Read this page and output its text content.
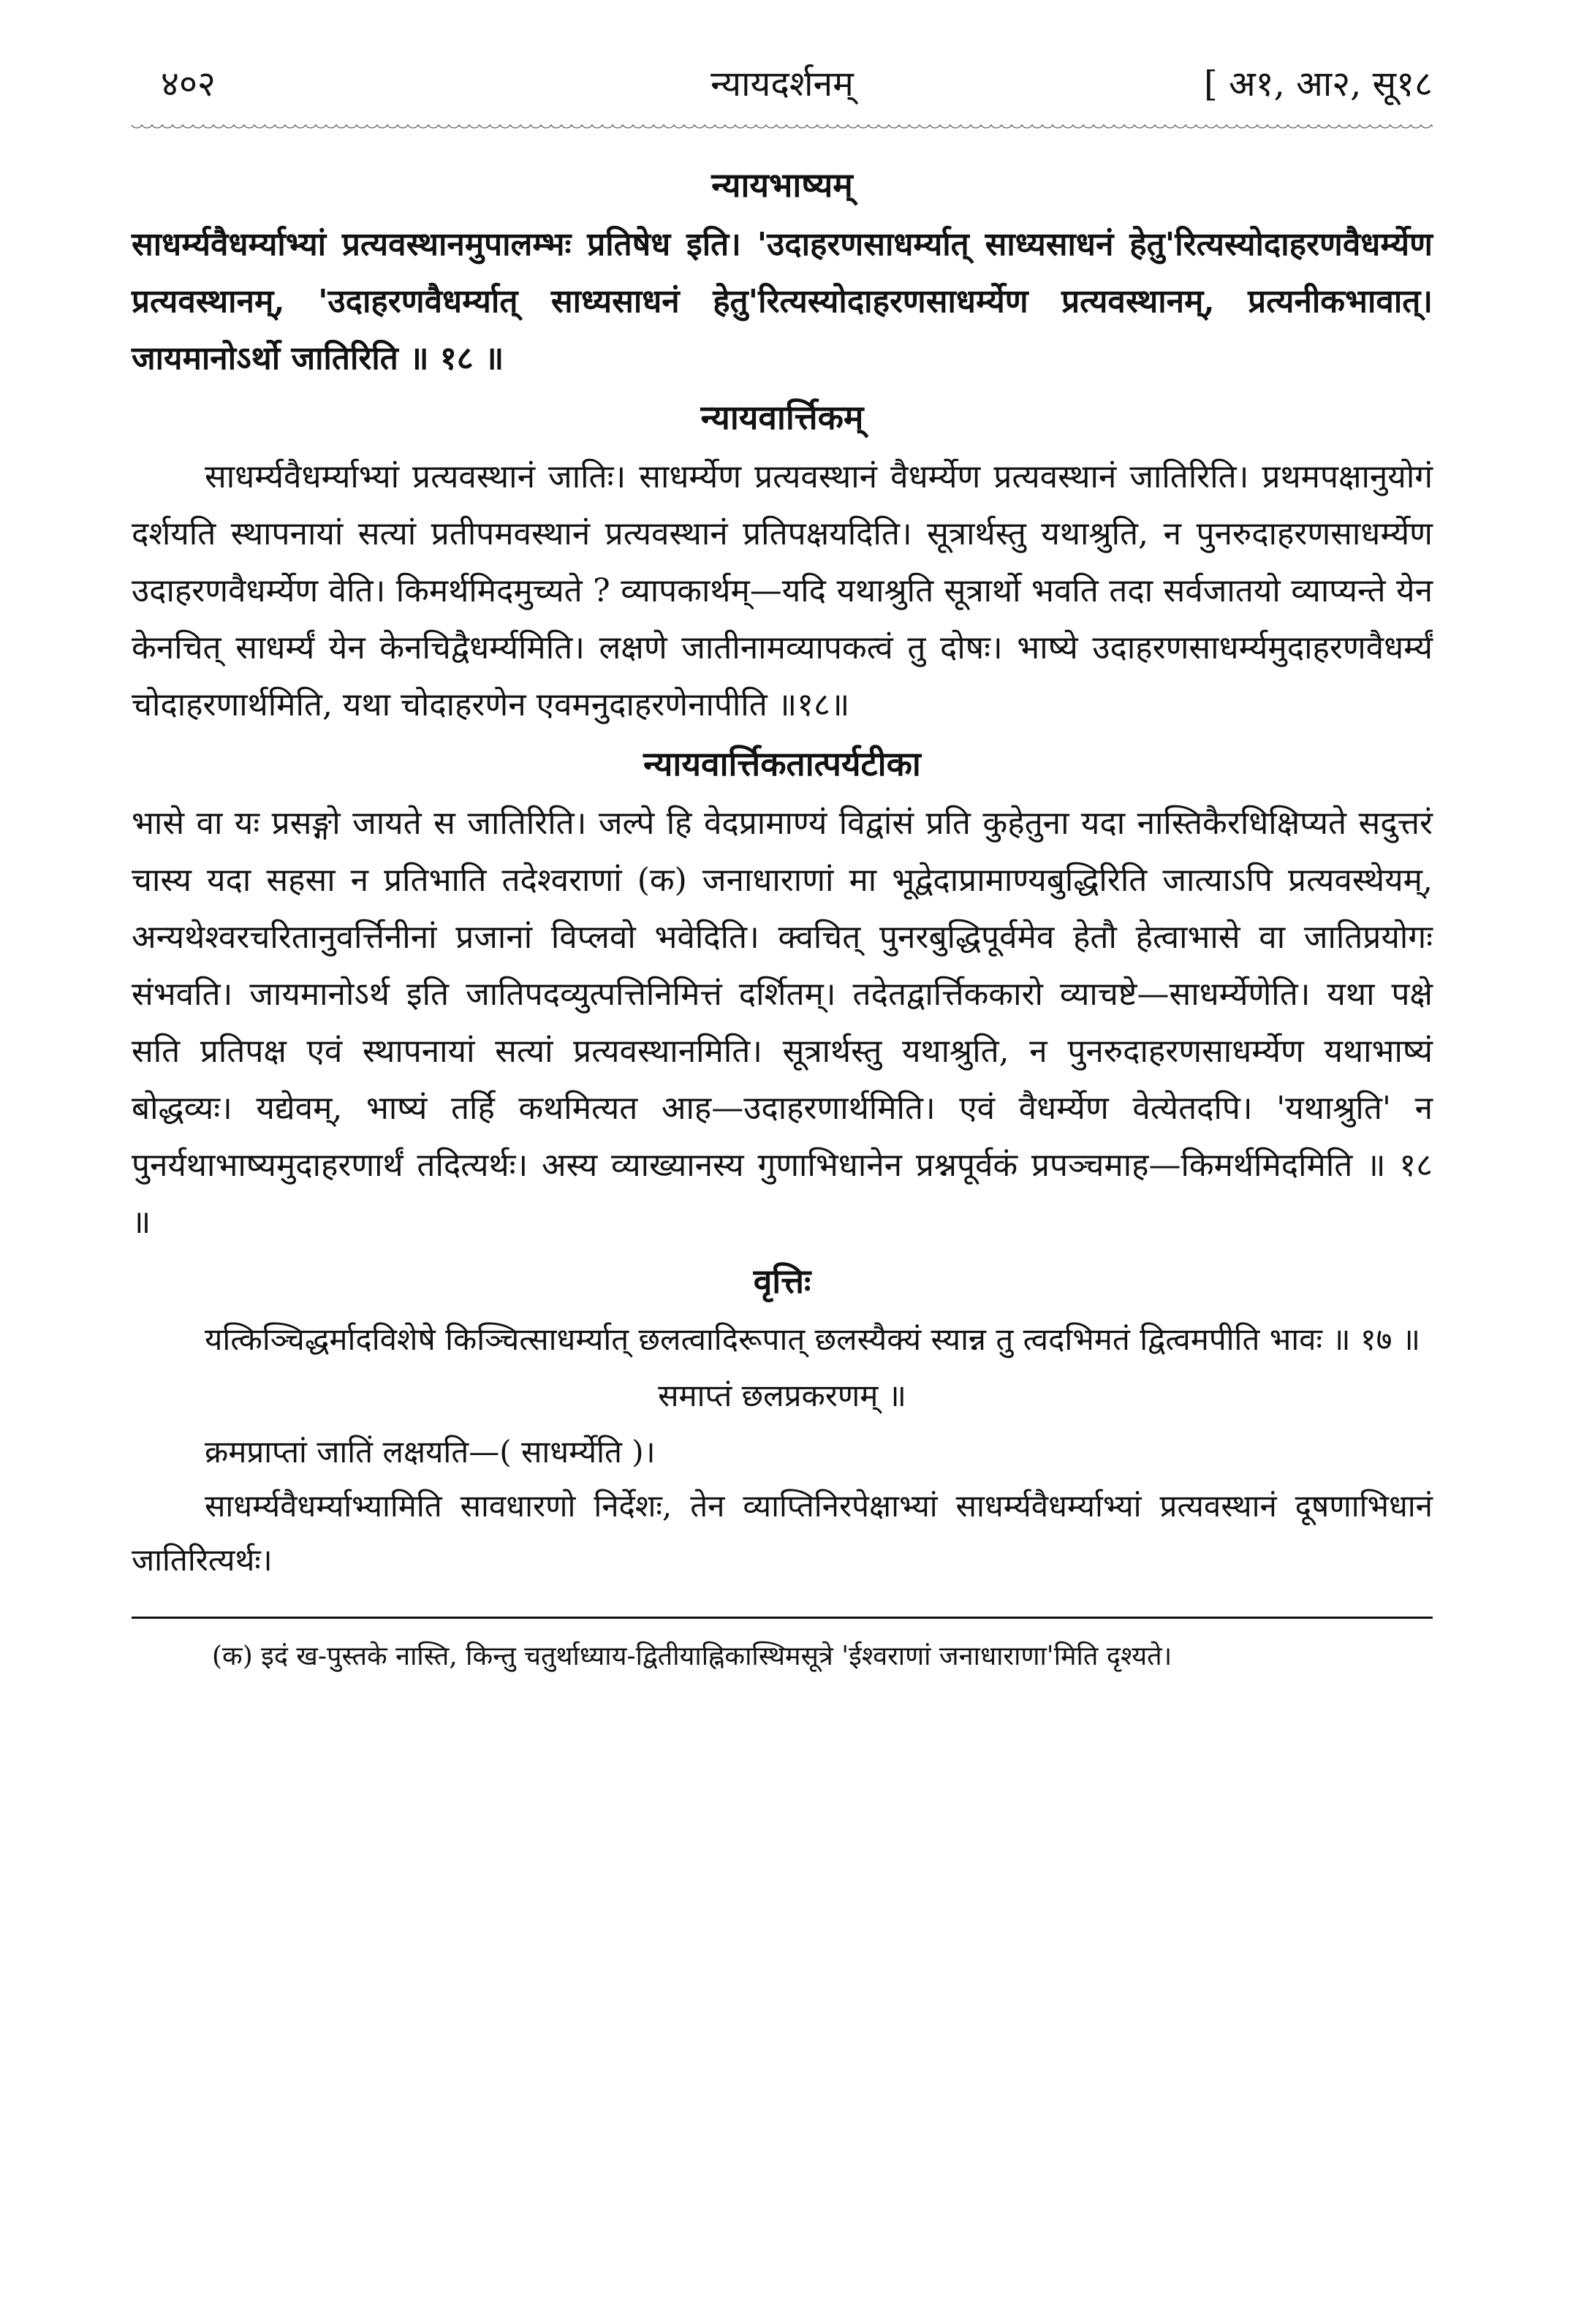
४०२	न्यायदर्शनम्	[ अ१, आ२, सू१८
न्यायभाष्यम्

साधर्म्यवैधर्म्याभ्यां प्रत्यवस्थानमुपालम्भः प्रतिषेध इति। 'उदाहरणसाधर्म्यात् साध्यसाधनं हेतु'रित्यस्योदाहरणवैधर्म्येण प्रत्यवस्थानम्, 'उदाहरणवैधर्म्यात् साध्यसाधनं हेतु'रित्यस्योदाहरणसाधर्म्येण प्रत्यवस्थानम्, प्रत्यनीकभावात्। जायमानोऽर्थो जातिरिति ॥ १८ ॥

न्यायवार्त्तिकम्

साधर्म्यवैधर्म्याभ्यां प्रत्यवस्थानं जातिः। साधर्म्येण प्रत्यवस्थानं वैधर्म्येण प्रत्यवस्थानं जातिरिति। प्रथमपक्षानुयोगं दर्शयति स्थापनायां सत्यां प्रतीपमवस्थानं प्रत्यवस्थानं प्रतिपक्षयदिति। सूत्रार्थस्तु यथाश्रुति, न पुनरुदाहरणसाधर्म्येण उदाहरणवैधर्म्येण वेति। किमर्थमिदमुच्यते ? व्यापकार्थम्—यदि यथाश्रुति सूत्रार्थो भवति तदा सर्वजातयो व्याप्यन्ते येन केनचित् साधर्म्यं येन केनचिद्वैधर्म्यमिति। लक्षणे जातीनामव्यापकत्वं तु दोषः। भाष्ये उदाहरणसाधर्म्यमुदाहरणवैधर्म्यं चोदाहरणार्थमिति, यथा चोदाहरणेन एवमनुदाहरणेनापीति ॥१८॥

न्यायवार्त्तिकतात्पर्यटीका

भासे वा यः प्रसङ्गो जायते स जातिरिति। जल्पे हि वेदप्रामाण्यं विद्वांसं प्रति कुहेतुना यदा नास्तिकैरधिक्षिप्यते सदुत्तरं चास्य यदा सहसा न प्रतिभाति तदेश्वराणां (क) जनाधाराणां मा भूद्वेदाप्रामाण्यबुद्धिरिति जात्याऽपि प्रत्यवस्थेयम्, अन्यथेश्वरचरितानुवर्त्तिनीनां प्रजानां विप्लवो भवेदिति। क्वचित् पुनरबुद्धिपूर्वमेव हेतौ हेत्वाभासे वा जातिप्रयोगः संभवति। जायमानोऽर्थ इति जातिपदव्युत्पत्तिनिमित्तं दर्शितम्। तदेतद्वार्त्तिककारो व्याचष्टे—साधर्म्येणेति। यथा पक्षे सति प्रतिपक्ष एवं स्थापनायां सत्यां प्रत्यवस्थानमिति। सूत्रार्थस्तु यथाश्रुति, न पुनरुदाहरणसाधर्म्येण यथाभाष्यं बोद्धव्यः। यद्येवम्, भाष्यं तर्हि कथमित्यत आह—उदाहरणार्थमिति। एवं वैधर्म्येण वेत्येतदपि। 'यथाश्रुति' न पुनर्यथाभाष्यमुदाहरणार्थं तदित्यर्थः। अस्य व्याख्यानस्य गुणाभिधानेन प्रश्नपूर्वकं प्रपञ्चमाह—किमर्थमिदमिति ॥ १८ ॥

वृत्तिः

यत्किञ्चिद्धर्मादविशेषे किञ्चित्साधर्म्यात् छलत्वादिरूपात् छलस्यैक्यं स्यान्न तु त्वदभिमतं द्वित्वमपीति भावः ॥ १७ ॥

समाप्तं छलप्रकरणम् ॥

क्रमप्राप्तां जातिं लक्षयति—( साधर्म्येति )।

साधर्म्यवैधर्म्याभ्यामिति सावधारणो निर्देशः, तेन व्याप्तिनिरपेक्षाभ्यां साधर्म्यवैधर्म्याभ्यां प्रत्यवस्थानं दूषणाभिधानं जातिरित्यर्थः।

(क) इदं ख-पुस्तके नास्ति, किन्तु चतुर्थाध्याय-द्वितीयाह्निकास्थिमसूत्रे 'ईश्वराणां जनाधाराणा'मिति दृश्यते।
